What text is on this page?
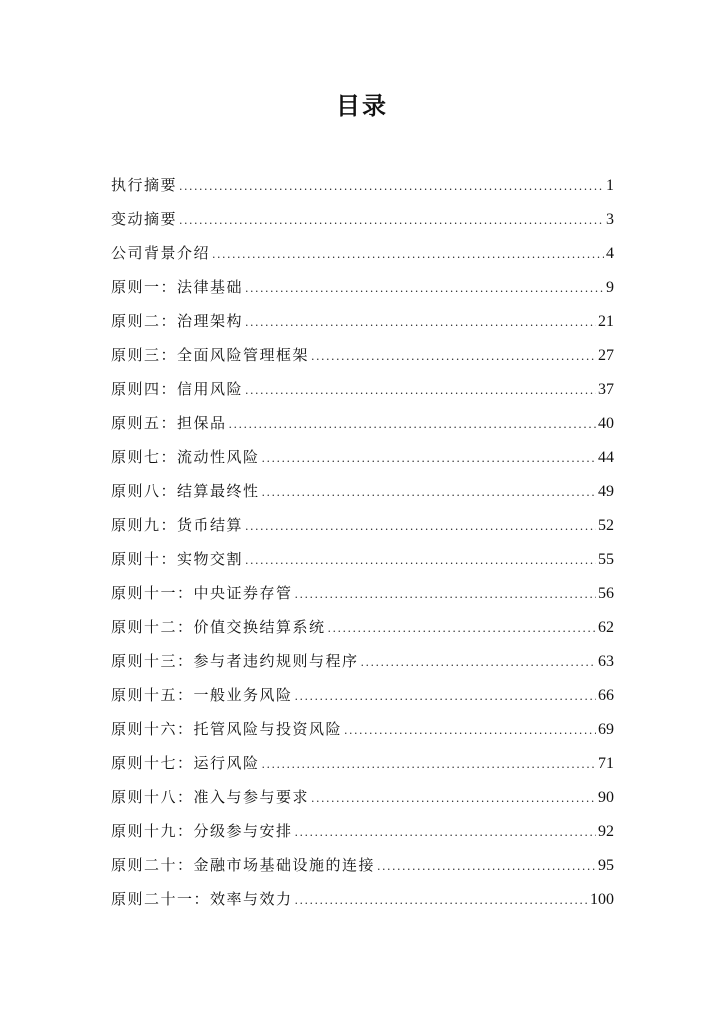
目录
执行摘要 .....	1
变动摘要 .....	3
公司背景介绍 .....	4
原则一：法律基础 .....	9
原则二：治理架构 .....	21
原则三：全面风险管理框架 .....	27
原则四：信用风险 .....	37
原则五：担保品 .....	40
原则七：流动性风险 .....	44
原则八：结算最终性 .....	49
原则九：货币结算 .....	52
原则十：实物交割 .....	55
原则十一：中央证券存管 .....	56
原则十二：价值交换结算系统 .....	62
原则十三：参与者违约规则与程序 .....	63
原则十五：一般业务风险 .....	66
原则十六：托管风险与投资风险 .....	69
原则十七：运行风险 .....	71
原则十八：准入与参与要求 .....	90
原则十九：分级参与安排 .....	92
原则二十：金融市场基础设施的连接 .....	95
原则二十一：效率与效力 .....	100
